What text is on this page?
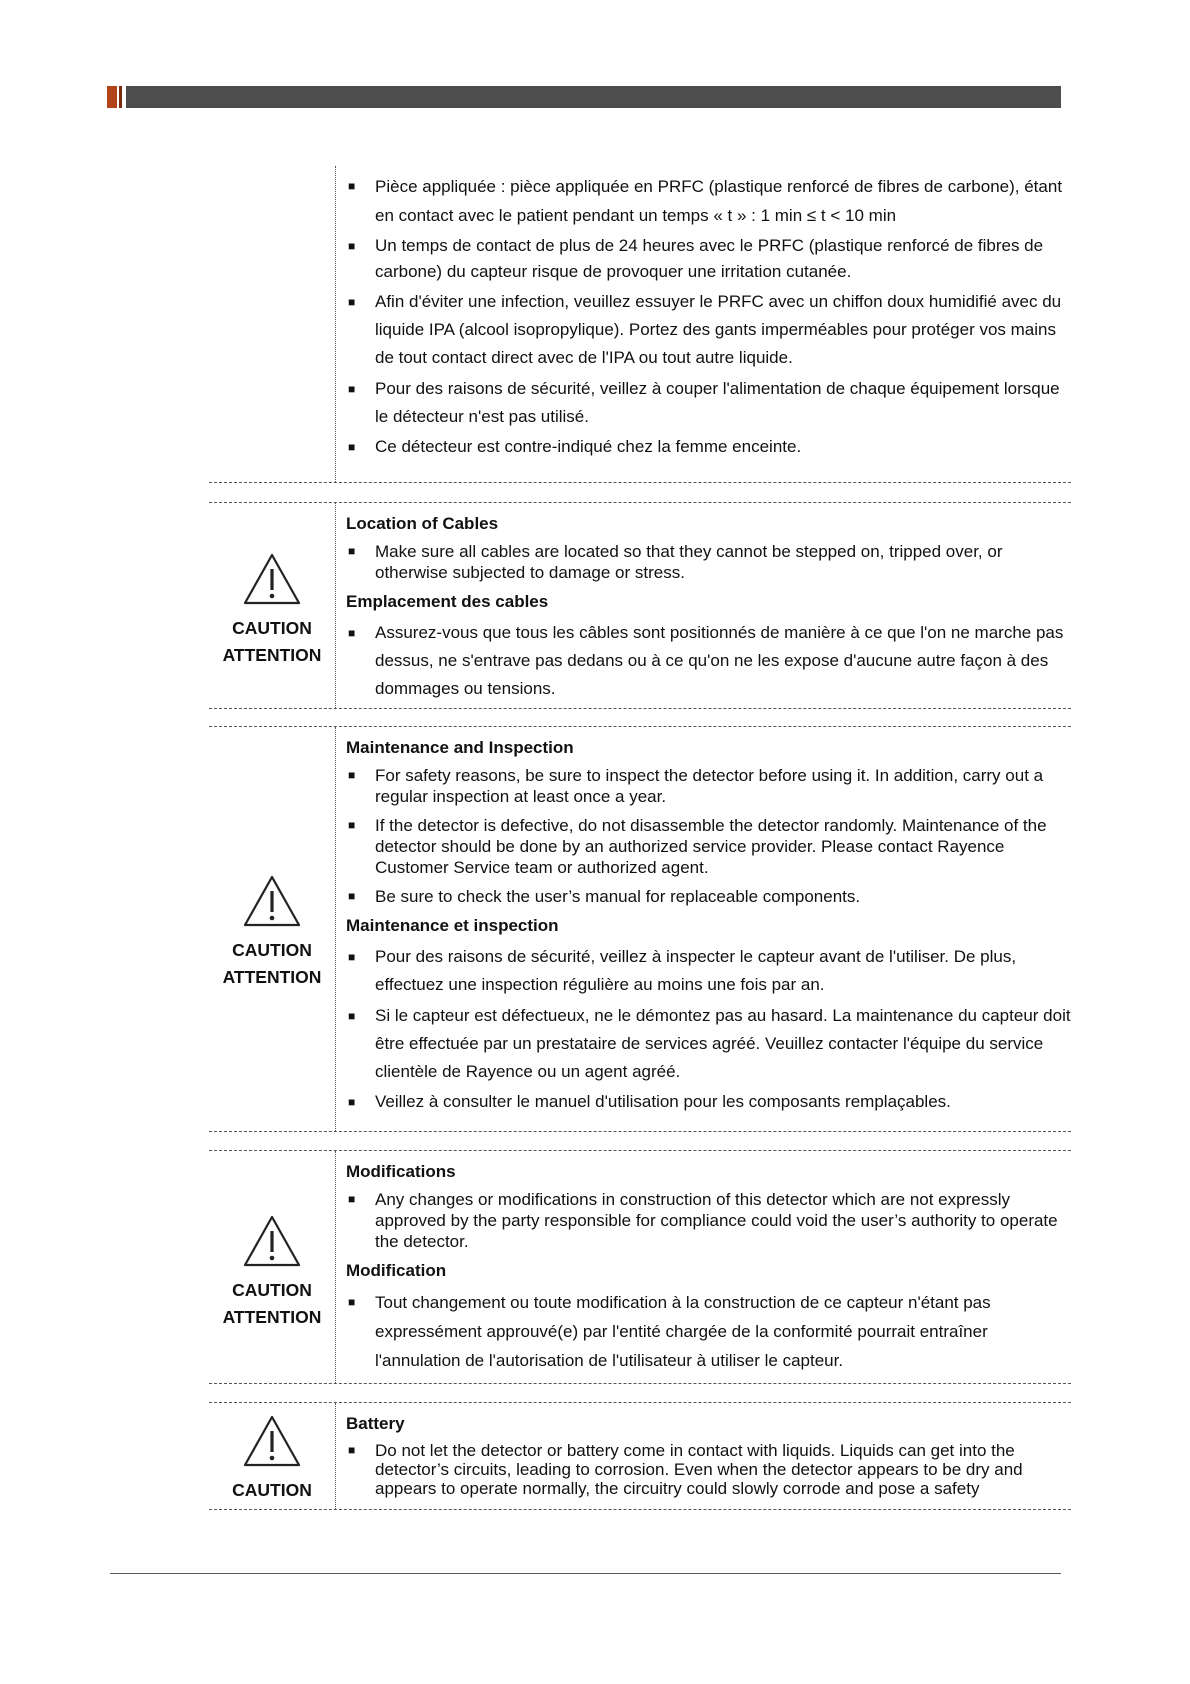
■ Pièce appliquée : pièce appliquée en PRFC (plastique renforcé de fibres de carbone), étant en contact avec le patient pendant un temps « t » : 1 min ≤ t < 10 min
■ Un temps de contact de plus de 24 heures avec le PRFC (plastique renforcé de fibres de carbone) du capteur risque de provoquer une irritation cutanée.
■ Afin d'éviter une infection, veuillez essuyer le PRFC avec un chiffon doux humidifié avec du liquide IPA (alcool isopropylique). Portez des gants imperméables pour protéger vos mains de tout contact direct avec de l'IPA ou tout autre liquide.
■ Pour des raisons de sécurité, veillez à couper l'alimentation de chaque équipement lorsque le détecteur n'est pas utilisé.
■ Ce détecteur est contre-indiqué chez la femme enceinte.
CAUTION
ATTENTION
Location of Cables
■ Make sure all cables are located so that they cannot be stepped on, tripped over, or otherwise subjected to damage or stress.
Emplacement des cables
■ Assurez-vous que tous les câbles sont positionnés de manière à ce que l'on ne marche pas dessus, ne s'entrave pas dedans ou à ce qu'on ne les expose d'aucune autre façon à des dommages ou tensions.
CAUTION
ATTENTION
Maintenance and Inspection
■ For safety reasons, be sure to inspect the detector before using it. In addition, carry out a regular inspection at least once a year.
■ If the detector is defective, do not disassemble the detector randomly. Maintenance of the detector should be done by an authorized service provider. Please contact Rayence Customer Service team or authorized agent.
■ Be sure to check the user’s manual for replaceable components.
Maintenance et inspection
■ Pour des raisons de sécurité, veillez à inspecter le capteur avant de l'utiliser. De plus, effectuez une inspection régulière au moins une fois par an.
■ Si le capteur est défectueux, ne le démontez pas au hasard. La maintenance du capteur doit être effectuée par un prestataire de services agréé. Veuillez contacter l'équipe du service clientèle de Rayence ou un agent agréé.
■ Veillez à consulter le manuel d'utilisation pour les composants remplaçables.
CAUTION
ATTENTION
Modifications
■ Any changes or modifications in construction of this detector which are not expressly approved by the party responsible for compliance could void the user’s authority to operate the detector.
Modification
■ Tout changement ou toute modification à la construction de ce capteur n'étant pas expressément approuvé(e) par l'entité chargée de la conformité pourrait entraîner l'annulation de l'autorisation de l'utilisateur à utiliser le capteur.
CAUTION
Battery
■ Do not let the detector or battery come in contact with liquids. Liquids can get into the detector’s circuits, leading to corrosion. Even when the detector appears to be dry and appears to operate normally, the circuitry could slowly corrode and pose a safety
